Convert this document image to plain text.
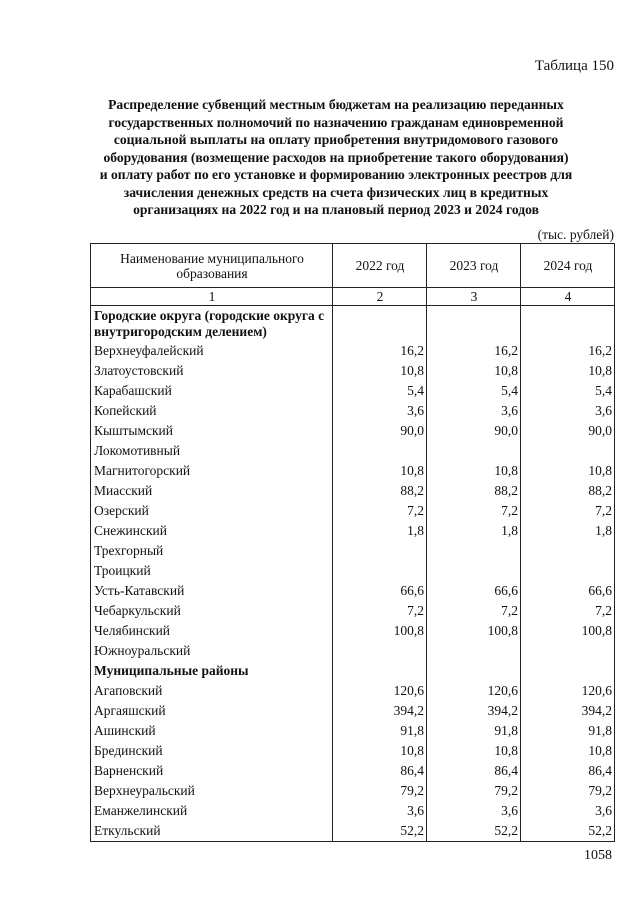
Таблица 150
Распределение субвенций местным бюджетам на реализацию переданных
государственных полномочий по назначению гражданам единовременной
социальной выплаты на оплату приобретения внутридомового газового
оборудования (возмещение расходов на приобретение такого оборудования)
и оплату работ по его установке и формированию электронных реестров для
зачисления денежных средств на счета физических лиц в кредитных
организациях на 2022 год и на плановый период 2023 и 2024 годов
(тыс. рублей)
Наименование муниципального образования	2022 год	2023 год	2024 год
1	2	3	4
Городские округа (городские округа с внутригородским делением)			
Верхнеуфалейский	16,2	16,2	16,2
Златоустовский	10,8	10,8	10,8
Карабашский	5,4	5,4	5,4
Копейский	3,6	3,6	3,6
Кыштымский	90,0	90,0	90,0
Локомотивный			
Магнитогорский	10,8	10,8	10,8
Миасский	88,2	88,2	88,2
Озерский	7,2	7,2	7,2
Снежинский	1,8	1,8	1,8
Трехгорный			
Троицкий			
Усть-Катавский	66,6	66,6	66,6
Чебаркульский	7,2	7,2	7,2
Челябинский	100,8	100,8	100,8
Южноуральский			
Муниципальные районы			
Агаповский	120,6	120,6	120,6
Аргаяшский	394,2	394,2	394,2
Ашинский	91,8	91,8	91,8
Брединский	10,8	10,8	10,8
Варненский	86,4	86,4	86,4
Верхнеуральский	79,2	79,2	79,2
Еманжелинский	3,6	3,6	3,6
Еткульский	52,2	52,2	52,2
1058
